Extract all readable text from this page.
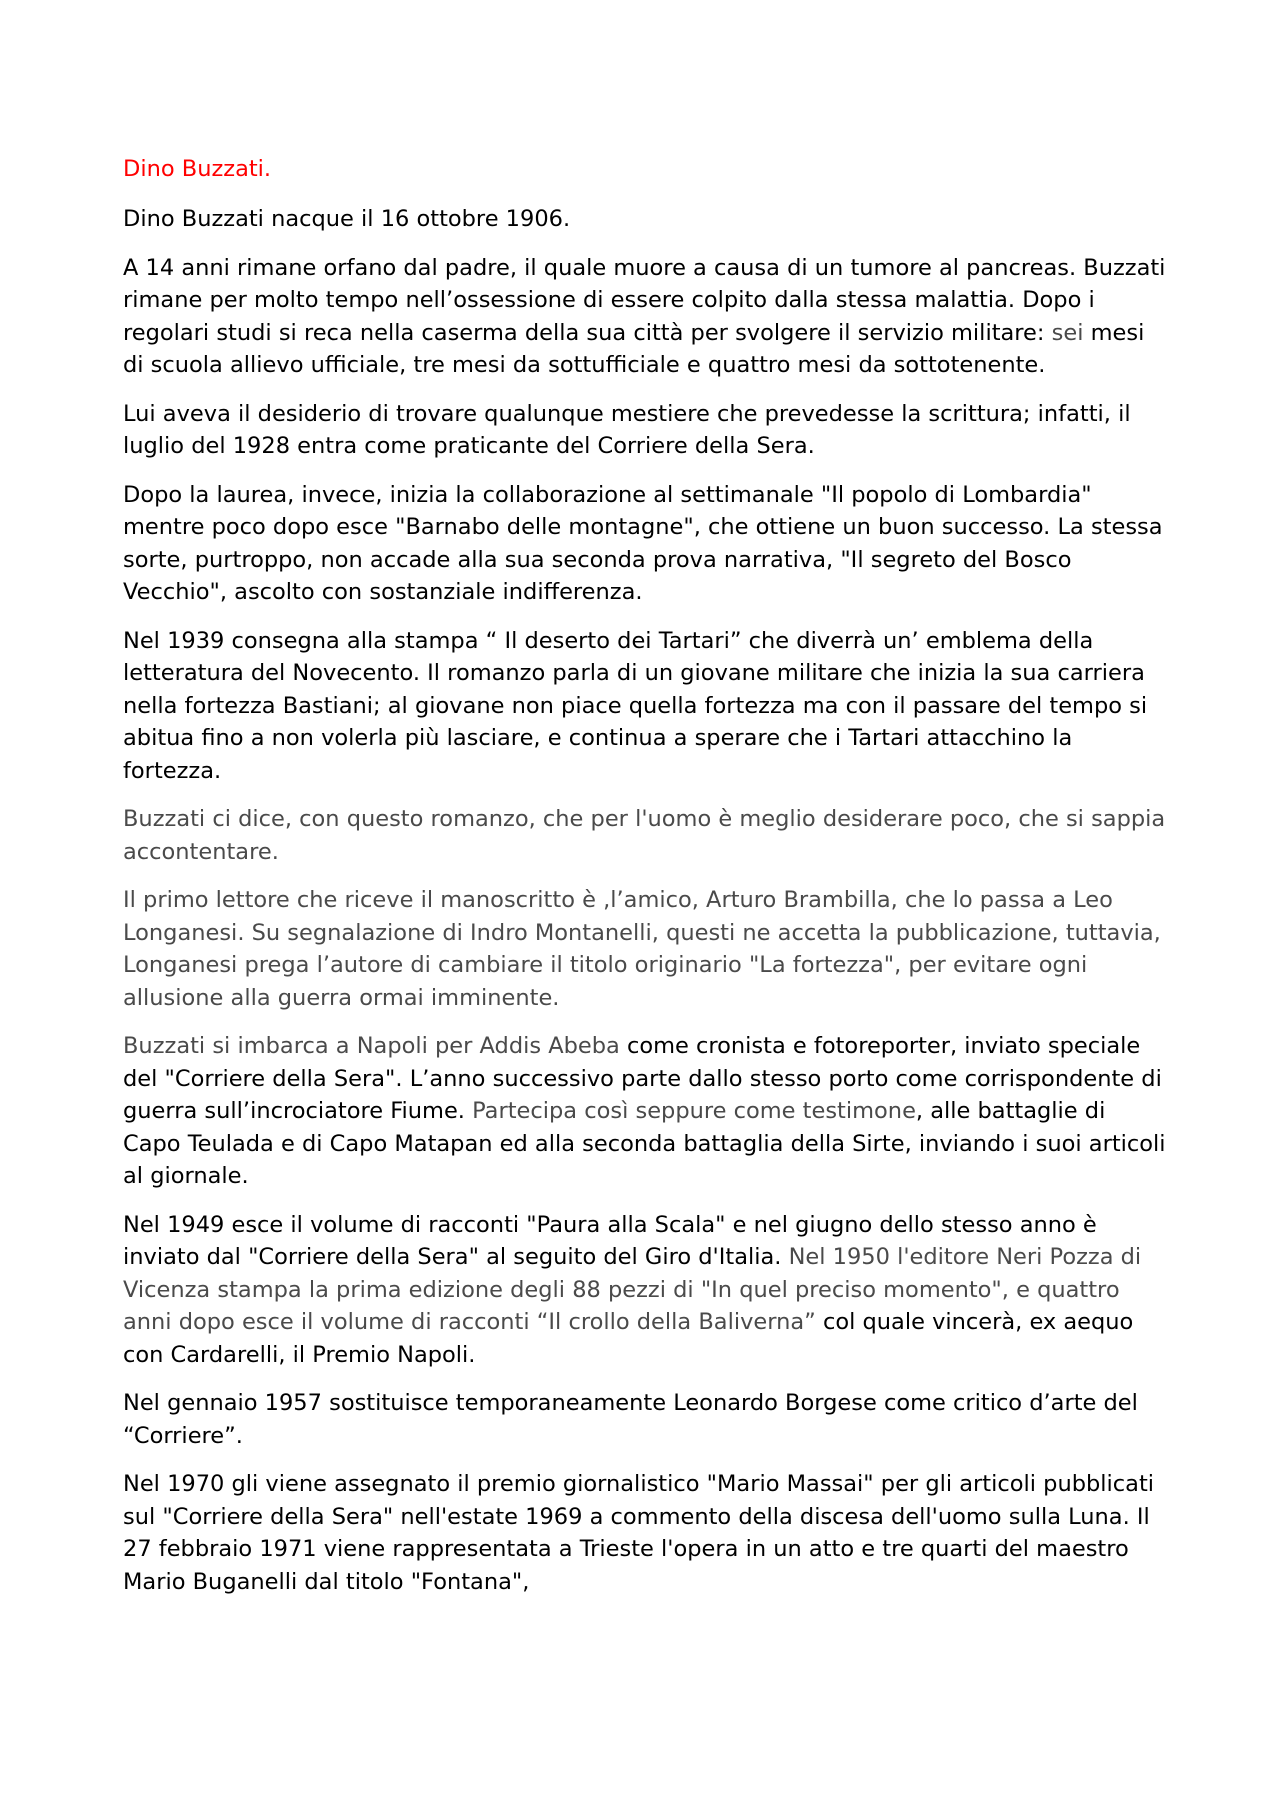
Dino Buzzati.

Dino Buzzati nacque il 16 ottobre 1906.

A 14 anni rimane orfano dal padre, il quale muore a causa di un tumore al pancreas. Buzzati rimane per molto tempo nell’ossessione di essere colpito dalla stessa malattia. Dopo i regolari studi si reca nella caserma della sua città per svolgere il servizio militare: sei mesi di scuola allievo ufficiale, tre mesi da sottufficiale e quattro mesi da sottotenente.

Lui aveva il desiderio di trovare qualunque mestiere che prevedesse la scrittura; infatti, il luglio del 1928 entra come praticante del Corriere della Sera.

Dopo la laurea, invece, inizia la collaborazione al settimanale "Il popolo di Lombardia" mentre poco dopo esce "Barnabo delle montagne", che ottiene un buon successo. La stessa sorte, purtroppo, non accade alla sua seconda prova narrativa, "Il segreto del Bosco Vecchio", ascolto con sostanziale indifferenza.

Nel 1939 consegna alla stampa “ Il deserto dei Tartari” che diverrà un’ emblema della letteratura del Novecento. Il romanzo parla di un giovane militare che inizia la sua carriera nella fortezza Bastiani; al giovane non piace quella fortezza ma con il passare del tempo si abitua fino a non volerla più lasciare, e continua a sperare che i Tartari attacchino la fortezza.

Buzzati ci dice, con questo romanzo, che per l'uomo è meglio desiderare poco, che si sappia accontentare.

Il primo lettore che riceve il manoscritto è ,l’amico, Arturo Brambilla, che lo passa a Leo Longanesi. Su segnalazione di Indro Montanelli, questi ne accetta la pubblicazione, tuttavia, Longanesi prega l’autore di cambiare il titolo originario "La fortezza", per evitare ogni allusione alla guerra ormai imminente.

Buzzati si imbarca a Napoli per Addis Abeba come cronista e fotoreporter, inviato speciale del "Corriere della Sera". L’anno successivo parte dallo stesso porto come corrispondente di guerra sull’incrociatore Fiume. Partecipa così seppure come testimone, alle battaglie di Capo Teulada e di Capo Matapan ed alla seconda battaglia della Sirte, inviando i suoi articoli al giornale.

Nel 1949 esce il volume di racconti "Paura alla Scala" e nel giugno dello stesso anno è inviato dal "Corriere della Sera" al seguito del Giro d'Italia. Nel 1950 l'editore Neri Pozza di Vicenza stampa la prima edizione degli 88 pezzi di "In quel preciso momento", e quattro anni dopo esce il volume di racconti “Il crollo della Baliverna” col quale vincerà, ex aequo con Cardarelli, il Premio Napoli.

Nel gennaio 1957 sostituisce temporaneamente Leonardo Borgese come critico d’arte del “Corriere”.

Nel 1970 gli viene assegnato il premio giornalistico "Mario Massai" per gli articoli pubblicati sul "Corriere della Sera" nell'estate 1969 a commento della discesa dell'uomo sulla Luna. Il 27 febbraio 1971 viene rappresentata a Trieste l'opera in un atto e tre quarti del maestro Mario Buganelli dal titolo "Fontana",
